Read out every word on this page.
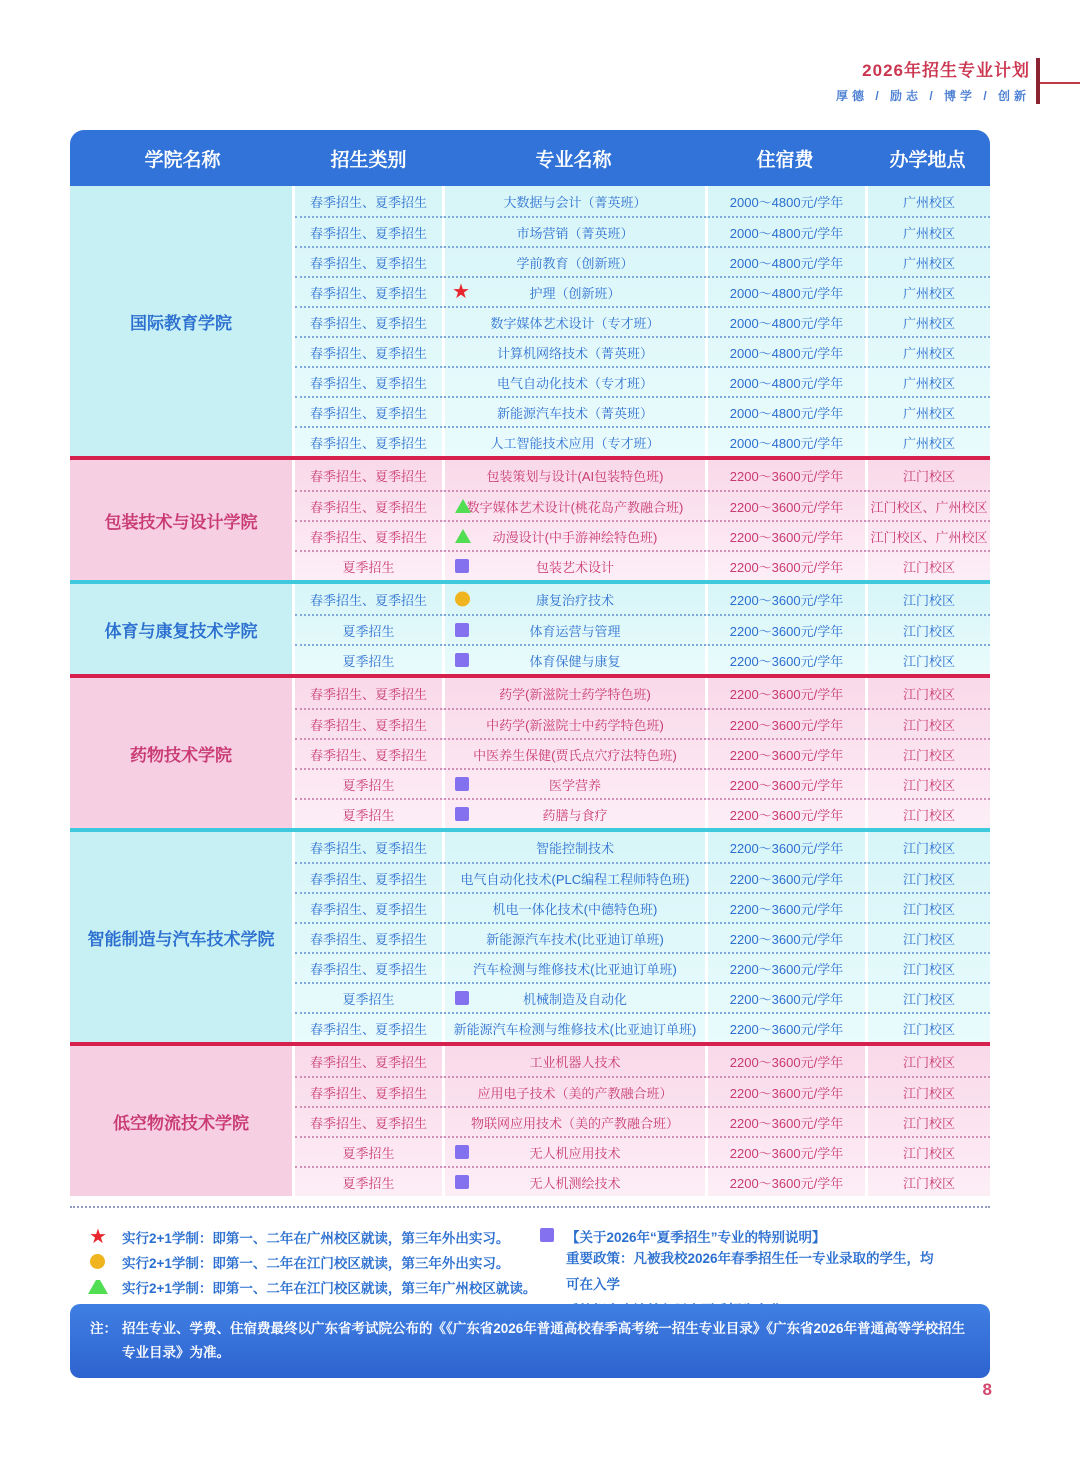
2026年招生专业计划
厚德 / 励志 / 博学 / 创新
学院名称	招生类别	专业名称	住宿费	办学地点
国际教育学院
春季招生、夏季招生	大数据与会计（菁英班）	2000～4800元/学年	广州校区
春季招生、夏季招生	市场营销（菁英班）	2000～4800元/学年	广州校区
春季招生、夏季招生	学前教育（创新班）	2000～4800元/学年	广州校区
春季招生、夏季招生 ★	护理（创新班）	2000～4800元/学年	广州校区
春季招生、夏季招生	数字媒体艺术设计（专才班）	2000～4800元/学年	广州校区
春季招生、夏季招生	计算机网络技术（菁英班）	2000～4800元/学年	广州校区
春季招生、夏季招生	电气自动化技术（专才班）	2000～4800元/学年	广州校区
春季招生、夏季招生	新能源汽车技术（菁英班）	2000～4800元/学年	广州校区
春季招生、夏季招生	人工智能技术应用（专才班）	2000～4800元/学年	广州校区
包装技术与设计学院
春季招生、夏季招生	包装策划与设计(AI包装特色班)	2200～3600元/学年	江门校区
春季招生、夏季招生	数字媒体艺术设计(桃花岛产教融合班)	2200～3600元/学年	江门校区、广州校区
春季招生、夏季招生	动漫设计(中手游神绘特色班)	2200～3600元/学年	江门校区、广州校区
夏季招生	包装艺术设计	2200～3600元/学年	江门校区
体育与康复技术学院
春季招生、夏季招生	康复治疗技术	2200～3600元/学年	江门校区
夏季招生	体育运营与管理	2200～3600元/学年	江门校区
夏季招生	体育保健与康复	2200～3600元/学年	江门校区
药物技术学院
春季招生、夏季招生	药学(新滋院士药学特色班)	2200～3600元/学年	江门校区
春季招生、夏季招生	中药学(新滋院士中药学特色班)	2200～3600元/学年	江门校区
春季招生、夏季招生	中医养生保健(贾氏点穴疗法特色班)	2200～3600元/学年	江门校区
夏季招生	医学营养	2200～3600元/学年	江门校区
夏季招生	药膳与食疗	2200～3600元/学年	江门校区
智能制造与汽车技术学院
春季招生、夏季招生	智能控制技术	2200～3600元/学年	江门校区
春季招生、夏季招生	电气自动化技术(PLC编程工程师特色班)	2200～3600元/学年	江门校区
春季招生、夏季招生	机电一体化技术(中德特色班)	2200～3600元/学年	江门校区
春季招生、夏季招生	新能源汽车技术(比亚迪订单班)	2200～3600元/学年	江门校区
春季招生、夏季招生	汽车检测与维修技术(比亚迪订单班)	2200～3600元/学年	江门校区
夏季招生	机械制造及自动化	2200～3600元/学年	江门校区
春季招生、夏季招生	新能源汽车检测与维修技术(比亚迪订单班)	2200～3600元/学年	江门校区
低空物流技术学院
春季招生、夏季招生	工业机器人技术	2200～3600元/学年	江门校区
春季招生、夏季招生	应用电子技术（美的产教融合班）	2200～3600元/学年	江门校区
春季招生、夏季招生	物联网应用技术（美的产教融合班）	2200～3600元/学年	江门校区
夏季招生	无人机应用技术	2200～3600元/学年	江门校区
夏季招生	无人机测绘技术	2200～3600元/学年	江门校区
★
实行2+1学制：即第一、二年在广州校区就读，第三年外出实习。
实行2+1学制：即第一、二年在江门校区就读，第三年外出实习。
实行2+1学制：即第一、二年在江门校区就读，第三年广州校区就读。
【关于2026年“夏季招生”专业的特别说明】
重要政策：凡被我校2026年春季招生任一专业录取的学生，均可在入学
注： 招生专业、学费、住宿费最终以广东省考试院公布的《《广东省2026年普通高校春季高考统一招生专业目录》《广东省2026年普通高等学校招生专业目录》为准。
8
